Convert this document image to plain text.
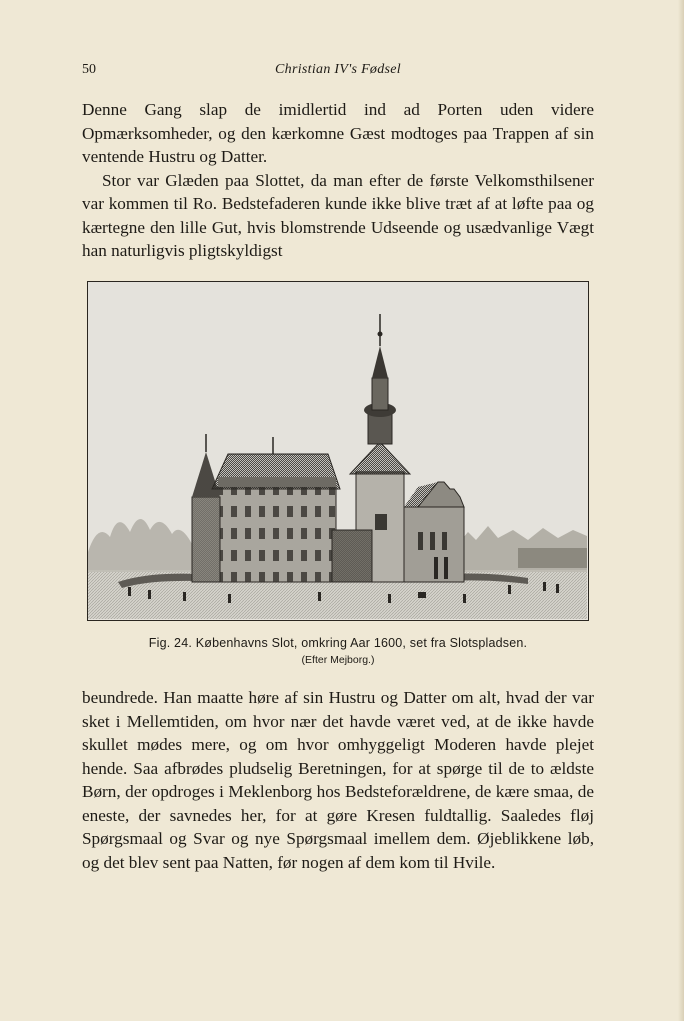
50	Christian IV's Fødsel

Denne Gang slap de imidlertid ind ad Porten uden videre Opmærksomheder, og den kærkomne Gæst modtoges paa Trappen af sin ventende Hustru og Datter.

Stor var Glæden paa Slottet, da man efter de første Velkomsthilsener var kommen til Ro. Bedstefaderen kunde ikke blive træt af at løfte paa og kærtegne den lille Gut, hvis blomstrende Udseende og usædvanlige Vægt han naturligvis pligtskyldigst

Fig. 24. Københavns Slot, omkring Aar 1600, set fra Slotspladsen.

(Efter Mejborg.)

beundrede. Han maatte høre af sin Hustru og Datter om alt, hvad der var sket i Mellemtiden, om hvor nær det havde været ved, at de ikke havde skullet mødes mere, og om hvor omhyggeligt Moderen havde plejet hende. Saa afbrødes pludselig Beretningen, for at spørge til de to ældste Børn, der opdroges i Meklenborg hos Bedsteforældrene, de kære smaa, de eneste, der savnedes her, for at gøre Kresen fuldtallig. Saaledes fløj Spørgsmaal og Svar og nye Spørgsmaal imellem dem. Øjeblikkene løb, og det blev sent paa Natten, før nogen af dem kom til Hvile.
